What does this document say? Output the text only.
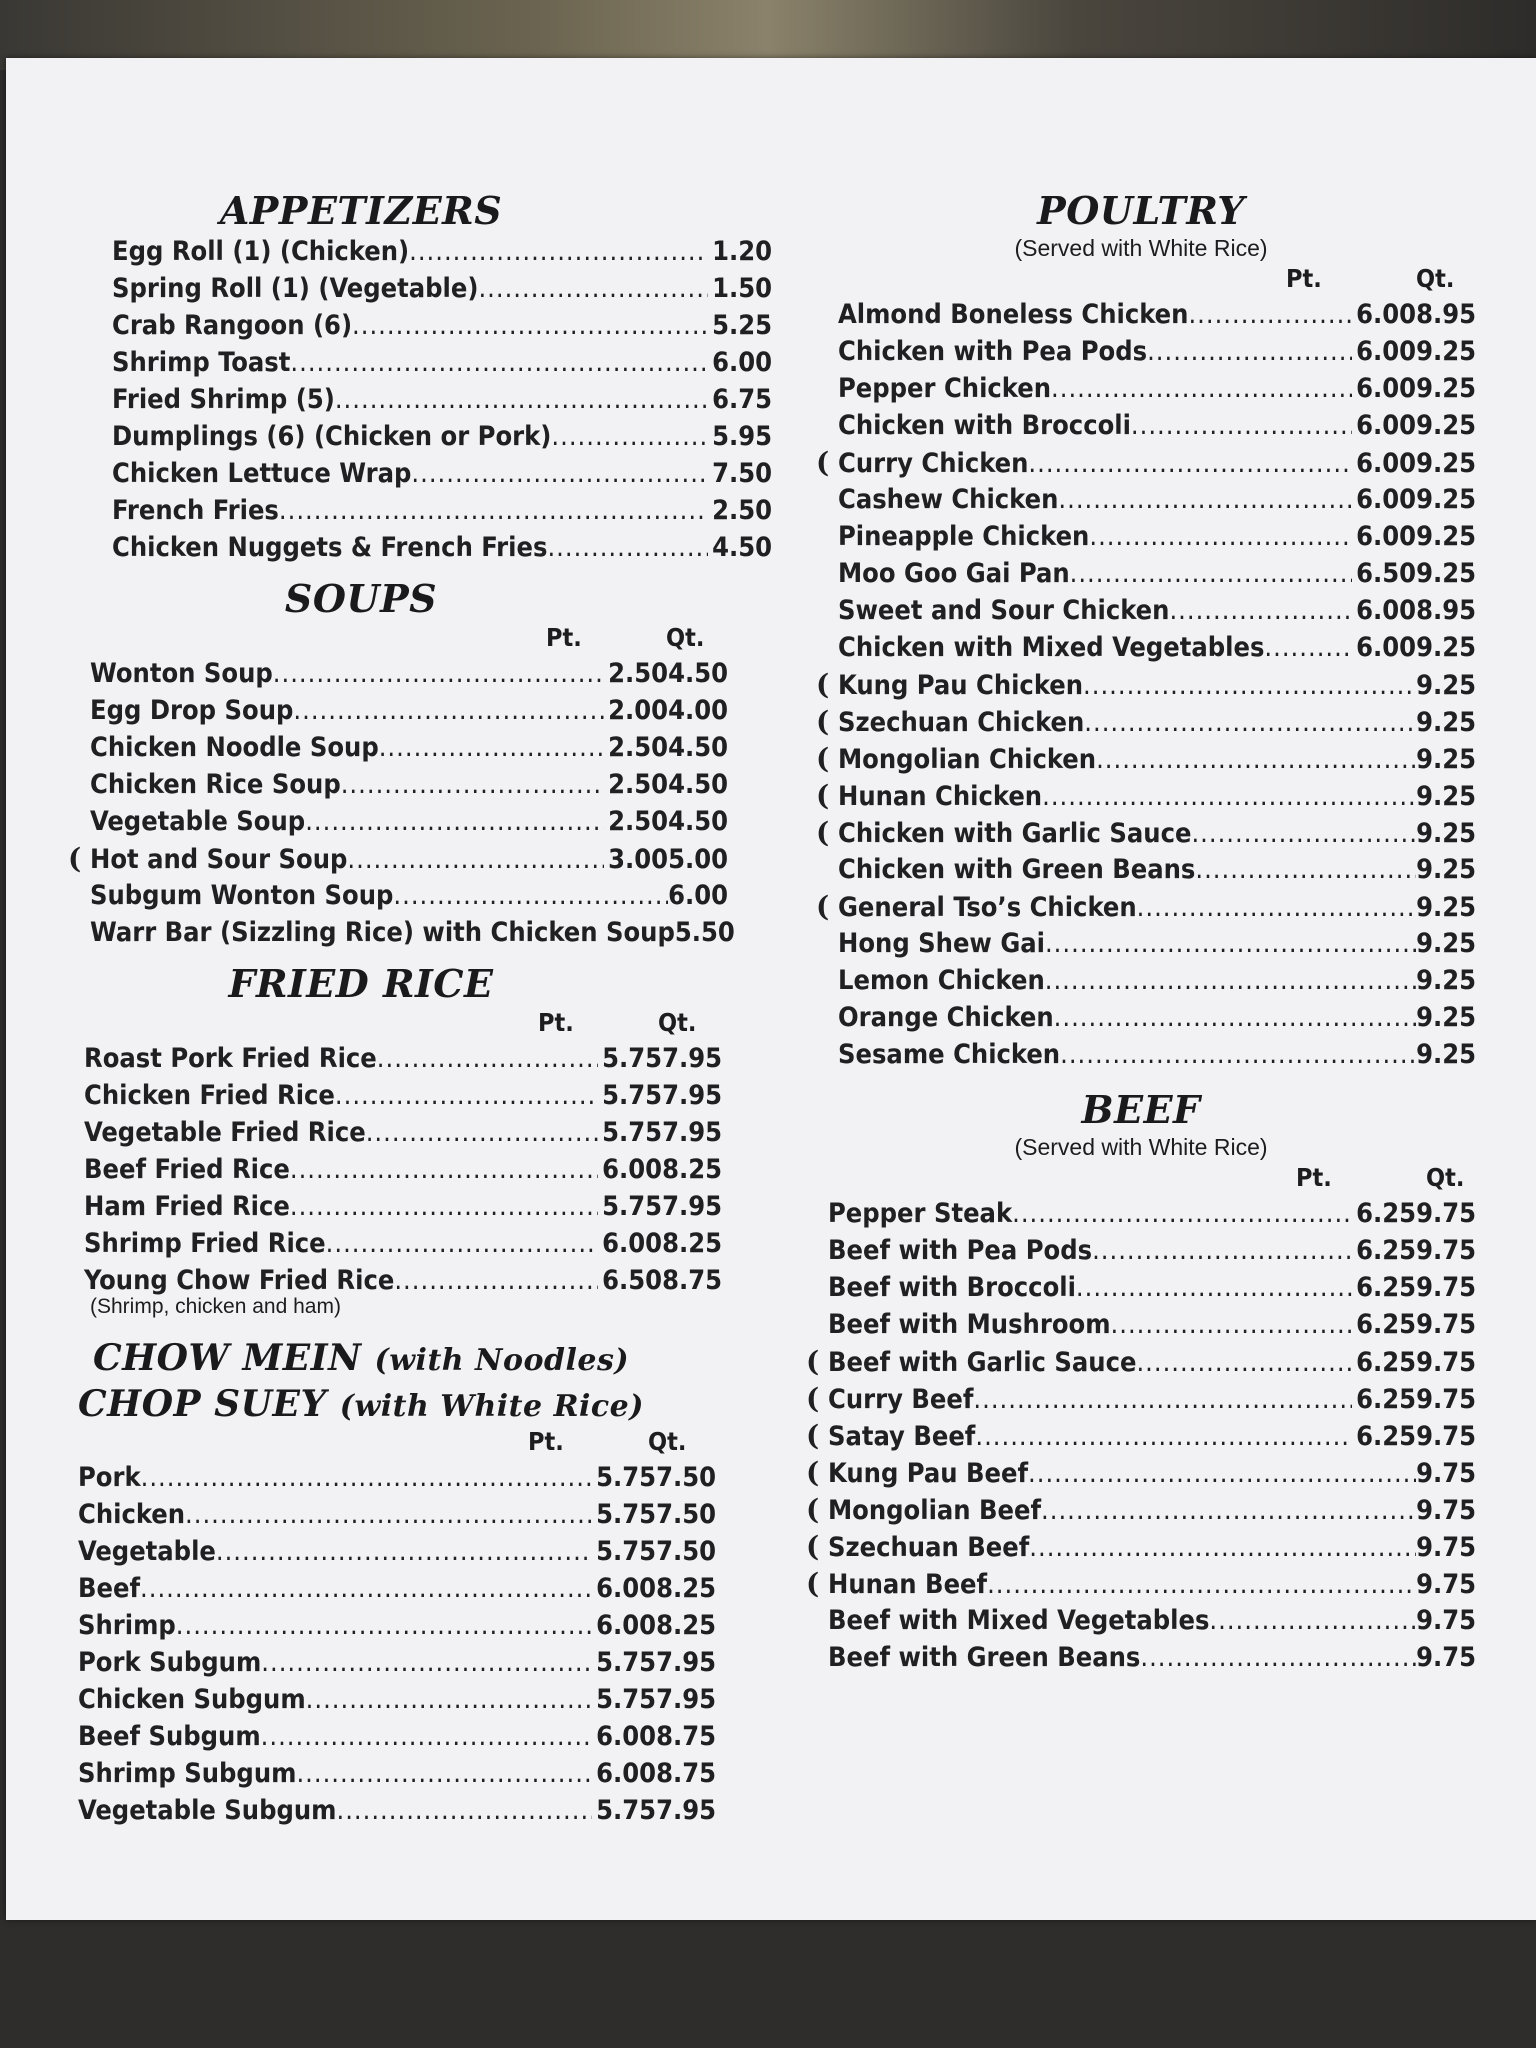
APPETIZERS
Egg Roll (1) (Chicken) .....	1.20
Spring Roll (1) (Vegetable) .....	1.50
Crab Rangoon (6) .....	5.25
Shrimp Toast .....	6.00
Fried Shrimp (5) .....	6.75
Dumplings (6) (Chicken or Pork) .....	5.95
Chicken Lettuce Wrap .....	7.50
French Fries .....	2.50
Chicken Nuggets & French Fries .....	4.50
SOUPS
Pt.	Qt.
Wonton Soup .....	2.50 4.50
Egg Drop Soup .....	2.00 4.00
Chicken Noodle Soup .....	2.50 4.50
Chicken Rice Soup .....	2.50 4.50
Vegetable Soup .....	2.50 4.50
( Hot and Sour Soup .....	3.00 5.00
Subgum Wonton Soup .....	6.00
Warr Bar (Sizzling Rice) with Chicken Soup 5.50
FRIED RICE
Pt.	Qt.
Roast Pork Fried Rice .....	5.75 7.95
Chicken Fried Rice .....	5.75 7.95
Vegetable Fried Rice .....	5.75 7.95
Beef Fried Rice .....	6.00 8.25
Ham Fried Rice .....	5.75 7.95
Shrimp Fried Rice .....	6.00 8.25
Young Chow Fried Rice .....	6.50 8.75
(Shrimp, chicken and ham)
CHOW MEIN (with Noodles)
CHOP SUEY (with White Rice)
Pt.	Qt.
Pork .....	5.75 7.50
Chicken .....	5.75 7.50
Vegetable .....	5.75 7.50
Beef .....	6.00 8.25
Shrimp .....	6.00 8.25
Pork Subgum .....	5.75 7.95
Chicken Subgum .....	5.75 7.95
Beef Subgum .....	6.00 8.75
Shrimp Subgum .....	6.00 8.75
Vegetable Subgum .....	5.75 7.95
POULTRY
(Served with White Rice)
Pt.	Qt.
Almond Boneless Chicken .....	6.00 8.95
Chicken with Pea Pods .....	6.00 9.25
Pepper Chicken .....	6.00 9.25
Chicken with Broccoli .....	6.00 9.25
( Curry Chicken .....	6.00 9.25
Cashew Chicken .....	6.00 9.25
Pineapple Chicken .....	6.00 9.25
Moo Goo Gai Pan .....	6.50 9.25
Sweet and Sour Chicken .....	6.00 8.95
Chicken with Mixed Vegetables .....	6.00 9.25
( Kung Pau Chicken .....	9.25
( Szechuan Chicken .....	9.25
( Mongolian Chicken .....	9.25
( Hunan Chicken .....	9.25
( Chicken with Garlic Sauce .....	9.25
Chicken with Green Beans .....	9.25
( General Tso’s Chicken .....	9.25
Hong Shew Gai .....	9.25
Lemon Chicken .....	9.25
Orange Chicken .....	9.25
Sesame Chicken .....	9.25
BEEF
(Served with White Rice)
Pt.	Qt.
Pepper Steak .....	6.25 9.75
Beef with Pea Pods .....	6.25 9.75
Beef with Broccoli .....	6.25 9.75
Beef with Mushroom .....	6.25 9.75
( Beef with Garlic Sauce .....	6.25 9.75
( Curry Beef .....	6.25 9.75
( Satay Beef .....	6.25 9.75
( Kung Pau Beef .....	9.75
( Mongolian Beef .....	9.75
( Szechuan Beef .....	9.75
( Hunan Beef .....	9.75
Beef with Mixed Vegetables .....	9.75
Beef with Green Beans .....	9.75
